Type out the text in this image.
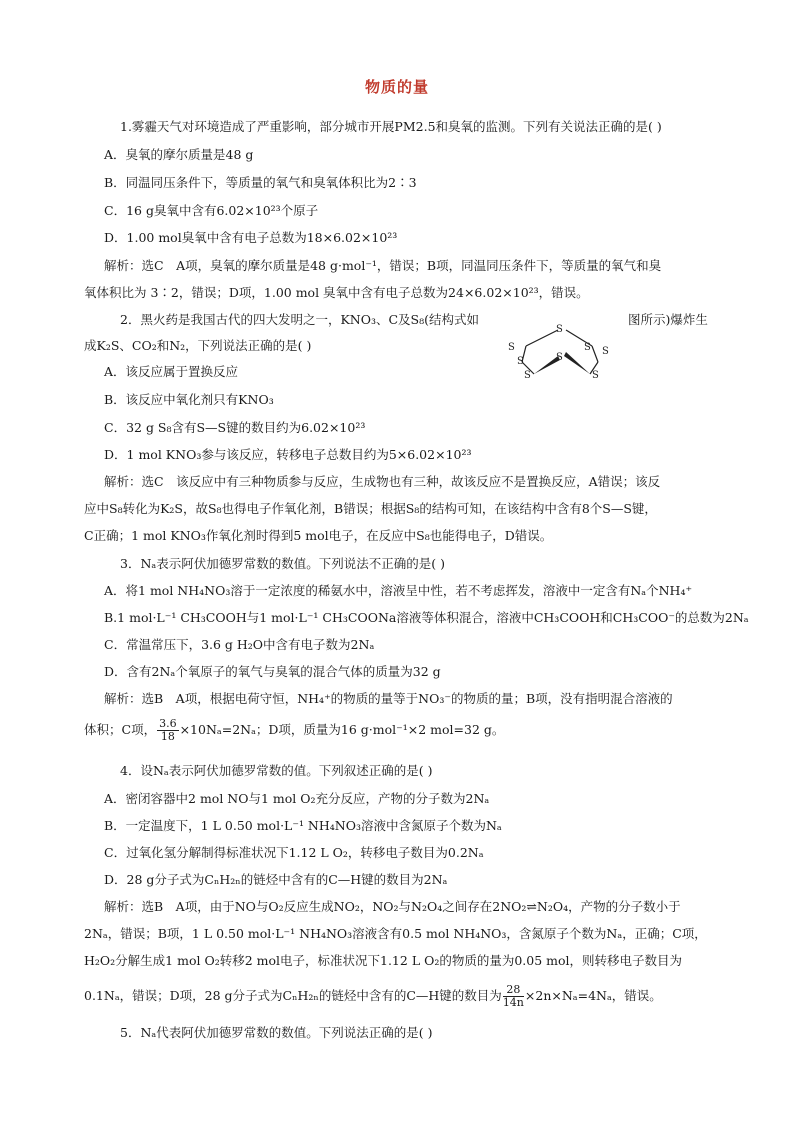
物质的量
1.雾霾天气对环境造成了严重影响，部分城市开展PM2.5和臭氧的监测。下列有关说法正确的是( )
A．臭氧的摩尔质量是48 g
B．同温同压条件下，等质量的氧气和臭氧体积比为2∶3
C．16 g臭氧中含有6.02×10²³个原子
D．1.00 mol臭氧中含有电子总数为18×6.02×10²³
解析：选C　A项，臭氧的摩尔质量是48 g·mol⁻¹，错误；B项，同温同压条件下，等质量的氧气和臭
氧体积比为 3∶2，错误；D项，1.00 mol 臭氧中含有电子总数为24×6.02×10²³，错误。
2．黑火药是我国古代的四大发明之一，KNO₃、C及S₈(结构式如	图所示)爆炸生
成K₂S、CO₂和N₂，下列说法正确的是( )
S
S
S
S
S
S S
S
A．该反应属于置换反应
B．该反应中氧化剂只有KNO₃
C．32 g S₈含有S—S键的数目约为6.02×10²³
D．1 mol KNO₃参与该反应，转移电子总数目约为5×6.02×10²³
解析：选C　该反应中有三种物质参与反应，生成物也有三种，故该反应不是置换反应，A错误；该反
应中S₈转化为K₂S，故S₈也得电子作氧化剂，B错误；根据S₈的结构可知，在该结构中含有8个S—S键，
C正确；1 mol KNO₃作氧化剂时得到5 mol电子，在反应中S₈也能得电子，D错误。
3．Nₐ表示阿伏加德罗常数的数值。下列说法不正确的是( )
A．将1 mol NH₄NO₃溶于一定浓度的稀氨水中，溶液呈中性，若不考虑挥发，溶液中一定含有Nₐ个NH₄⁺
B.1 mol·L⁻¹ CH₃COOH与1 mol·L⁻¹ CH₃COONa溶液等体积混合，溶液中CH₃COOH和CH₃COO⁻的总数为2Nₐ
C．常温常压下，3.6 g H₂O中含有电子数为2Nₐ
D．含有2Nₐ个氧原子的氧气与臭氧的混合气体的质量为32 g
解析：选B　A项，根据电荷守恒，NH₄⁺的物质的量等于NO₃⁻的物质的量；B项，没有指明混合溶液的
体积；C项， $\frac{3.6}{18} \times 10N_a=2N_a$；D项，质量为16 g·mol⁻¹×2 mol=32 g。
4．设Nₐ表示阿伏加德罗常数的值。下列叙述正确的是( )
A．密闭容器中2 mol NO与1 mol O₂充分反应，产物的分子数为2Nₐ
B．一定温度下，1 L 0.50 mol·L⁻¹ NH₄NO₃溶液中含氮原子个数为Nₐ
C．过氧化氢分解制得标准状况下1.12 L O₂，转移电子数目为0.2Nₐ
D．28 g分子式为CₙH₂ₙ的链烃中含有的C—H键的数目为2Nₐ
解析：选B　A项，由于NO与O₂反应生成NO₂，NO₂与N₂O₄之间存在2NO₂⇌N₂O₄，产物的分子数小于
2Nₐ，错误；B项，1 L 0.50 mol·L⁻¹ NH₄NO₃溶液含有0.5 mol NH₄NO₃，含氮原子个数为Nₐ，正确；C项，
H₂O₂分解生成1 mol O₂转移2 mol电子，标准状况下1.12 L O₂的物质的量为0.05 mol，则转移电子数目为
0.1Nₐ，错误；D项，28 g分子式为CₙH₂ₙ的链烃中含有的C—H键的数目为 $\frac{28}{14n} \times 2n\times N_a=4N_a$，错误。
5．Nₐ代表阿伏加德罗常数的数值。下列说法正确的是( )
